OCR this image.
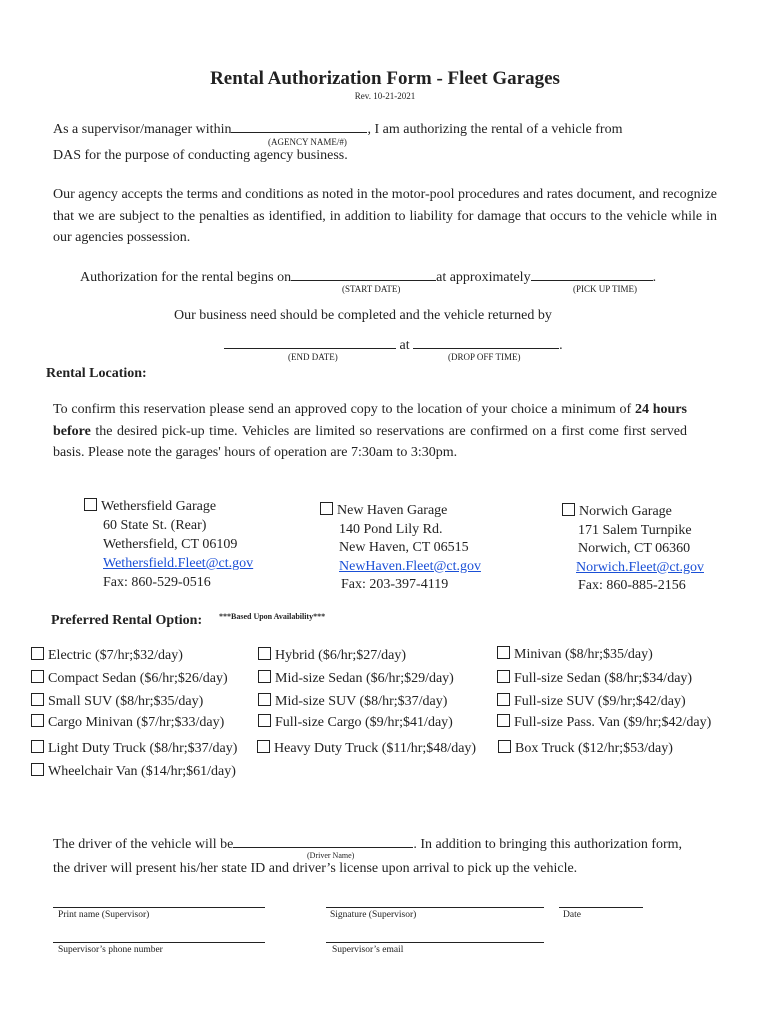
Rental Authorization Form - Fleet Garages
Rev. 10-21-2021
As a supervisor/manager within	, I am authorizing the rental of a vehicle from
(AGENCY NAME/#)
DAS for the purpose of conducting agency business.
Our agency accepts the terms and conditions as noted in the motor-pool procedures and rates document, and recognize that we are subject to the penalties as identified, in addition to liability for damage that occurs to the vehicle while in our agencies possession.
Authorization for the rental begins on	at approximately	.
(START DATE)	(PICK UP TIME)
Our business need should be completed and the vehicle returned by
at	.
(END DATE)	(DROP OFF TIME)
Rental Location:
To confirm this reservation please send an approved copy to the location of your choice a minimum of 24 hours before the desired pick-up time. Vehicles are limited so reservations are confirmed on a first come first served basis. Please note the garages' hours of operation are 7:30am to 3:30pm.
Wethersfield Garage
60 State St. (Rear)
Wethersfield, CT 06109
Wethersfield.Fleet@ct.gov
Fax: 860-529-0516
New Haven Garage
140 Pond Lily Rd.
New Haven, CT 06515
NewHaven.Fleet@ct.gov
Fax: 203-397-4119
Norwich Garage
171 Salem Turnpike
Norwich, CT 06360
Norwich.Fleet@ct.gov
Fax: 860-885-2156
Preferred Rental Option: ***Based Upon Availability***
Electric ($7/hr;$32/day)	Hybrid ($6/hr;$27/day)	Minivan ($8/hr;$35/day)
Compact Sedan ($6/hr;$26/day)	Mid-size Sedan ($6/hr;$29/day)	Full-size Sedan ($8/hr;$34/day)
Small SUV ($8/hr;$35/day)	Mid-size SUV ($8/hr;$37/day)	Full-size SUV ($9/hr;$42/day)
Cargo Minivan ($7/hr;$33/day)	Full-size Cargo ($9/hr;$41/day)	Full-size Pass. Van ($9/hr;$42/day)
Light Duty Truck ($8/hr;$37/day)	Heavy Duty Truck ($11/hr;$48/day)	Box Truck ($12/hr;$53/day)
Wheelchair Van ($14/hr;$61/day)
The driver of the vehicle will be	. In addition to bringing this authorization form,
(Driver Name)
the driver will present his/her state ID and driver’s license upon arrival to pick up the vehicle.
Print name (Supervisor)	Signature (Supervisor)	Date
Supervisor’s phone number	Supervisor’s email
